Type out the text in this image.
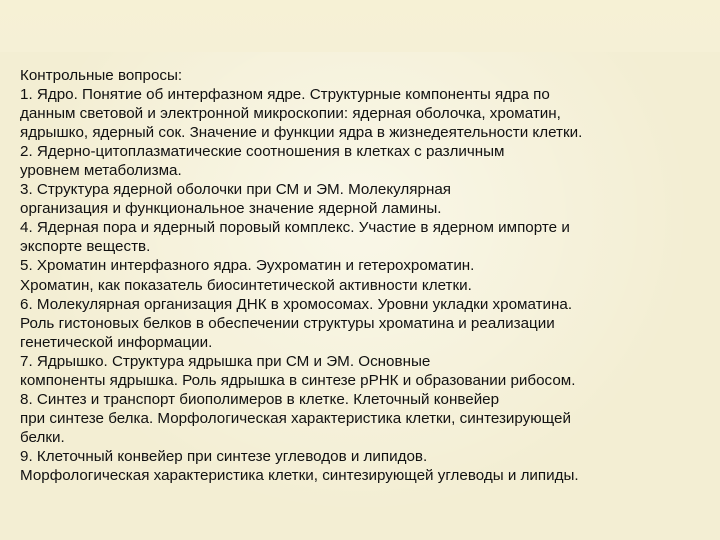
Контрольные вопросы:
1. Ядро. Понятие об интерфазном ядре. Структурные компоненты ядра по
данным световой и электронной микроскопии: ядерная оболочка, хроматин,
ядрышко, ядерный сок. Значение и функции ядра в жизнедеятельности клетки.
2. Ядерно-цитоплазматические соотношения в клетках с различным
уровнем метаболизма.
3. Структура ядерной оболочки при СМ и ЭМ. Молекулярная
организация и функциональное значение ядерной ламины.
4. Ядерная пора и ядерный поровый комплекс. Участие в ядерном импорте и
экспорте веществ.
5. Хроматин интерфазного ядра. Эухроматин и гетерохроматин.
Хроматин, как показатель биосинтетической активности клетки.
6. Молекулярная организация ДНК в хромосомах. Уровни укладки хроматина.
Роль гистоновых белков в обеспечении структуры хроматина и реализации
генетической информации.
7. Ядрышко. Структура ядрышка при СМ и ЭМ. Основные
компоненты ядрышка. Роль ядрышка в синтезе рРНК и образовании рибосом.
8. Синтез и транспорт биополимеров в клетке. Клеточный конвейер
при синтезе белка. Морфологическая характеристика клетки, синтезирующей
белки.
9. Клеточный конвейер при синтезе углеводов и липидов.
Морфологическая характеристика клетки, синтезирующей углеводы и липиды.
